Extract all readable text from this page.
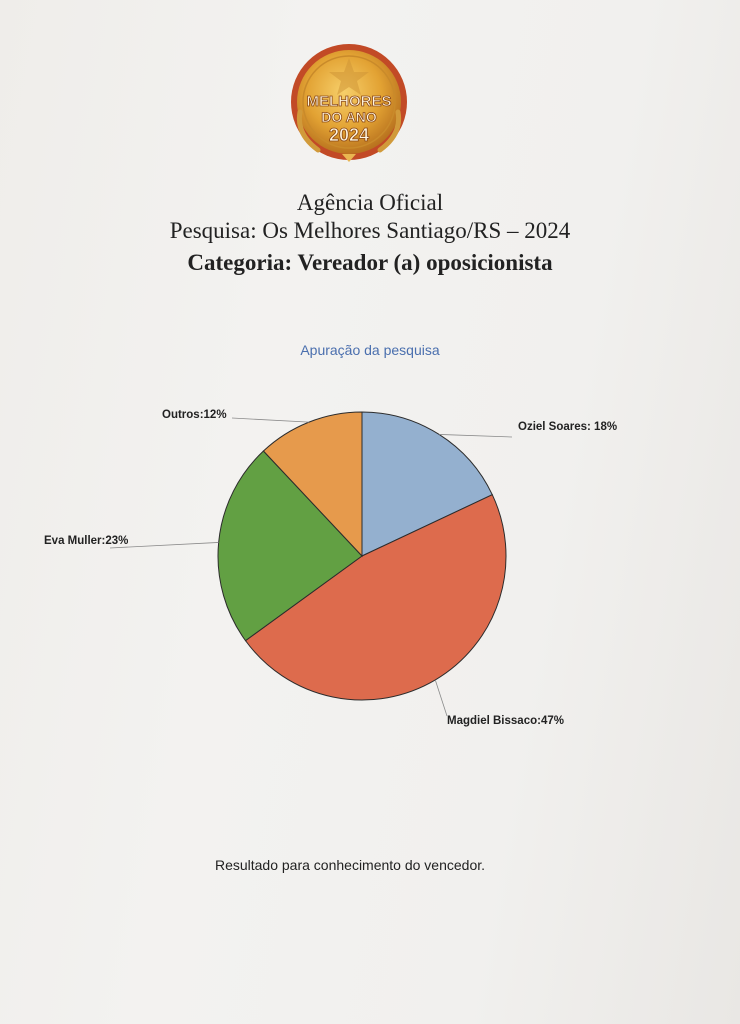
MELHORES
DO ANO
2024
Agência Oficial
Pesquisa: Os Melhores Santiago/RS – 2024
Categoria: Vereador (a) oposicionista
Apuração da pesquisa
Oziel Soares: 18%
Magdiel Bissaco:47%
Eva Muller:23%
Outros:12%
Resultado para conhecimento do vencedor.
